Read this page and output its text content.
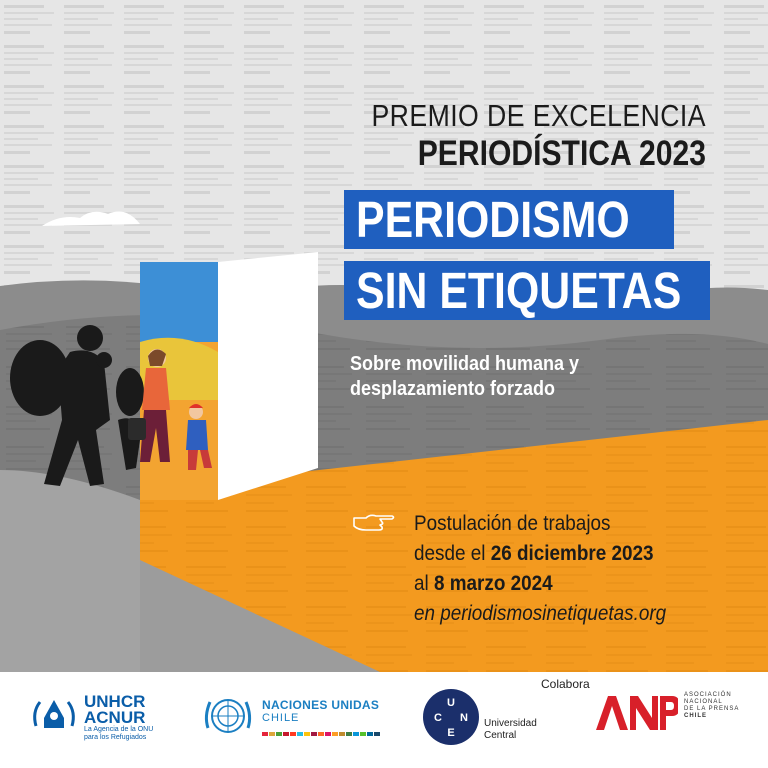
PREMIO DE EXCELENCIA
PERIODÍSTICA 2023
PERIODISMO
SIN ETIQUETAS
Sobre movilidad humana y
desplazamiento forzado
Postulación de trabajos
desde el 26 diciembre 2023
al 8 marzo 2024
en periodismosinetiquetas.org
UNHCR
ACNUR
La Agencia de la ONU
para los Refugiados
NACIONES UNIDAS
CHILE
U
C
E
N Universidad
Central
Colabora
ASOCIACIÓN
NACIONAL
DE LA PRENSA
CHILE
